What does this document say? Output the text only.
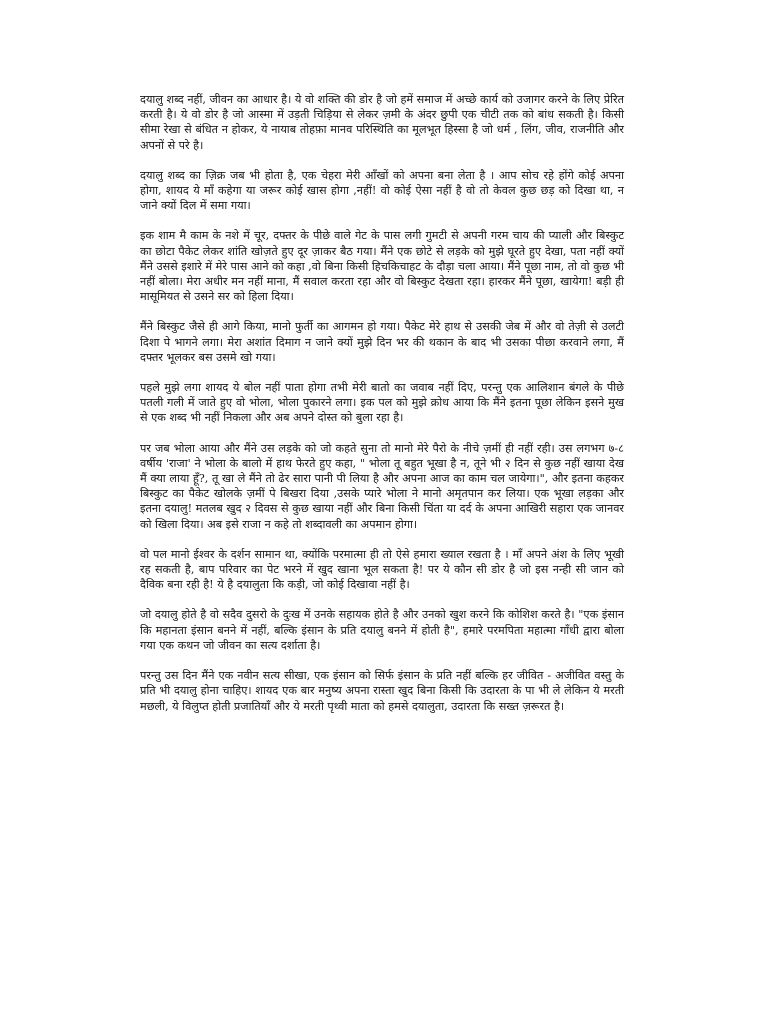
दयालु शब्द नहीं, जीवन का आधार है। ये वो शक्ति की डोर है जो हमें समाज में अच्छे कार्य को उजागर करने के लिए प्रेरित करती है। ये वो डोर है जो आस्मा में उड़ती चिड़िया से लेकर ज़मी के अंदर छुपी एक चीटी तक को बांध सकती है। किसी सीमा रेखा से बंधित न होकर, ये नायाब तोहफ़ा मानव परिस्थिति का मूलभूत हिस्सा है जो धर्म , लिंग, जीव, राजनीति और अपनों से परे है।

दयालु शब्द का ज़िक्र जब भी होता है, एक चेहरा मेरी आँखों को अपना बना लेता है । आप सोच रहे होंगे कोई अपना होगा, शायद ये माँ कहेगा या जरूर कोई खास होगा ,नहीं! वो कोई ऐसा नहीं है वो तो केवल कुछ छड़ को दिखा था, न जाने क्यों दिल में समा गया।

इक शाम मै काम के नशे में चूर, दफ्तर के पीछे वाले गेट के पास लगी गुमटी से अपनी गरम चाय की प्याली और बिस्कुट का छोटा पैकेट लेकर शांति खोज़ते हुए दूर ज़ाकर बैठ गया। मैंने एक छोटे से लड़के को मुझे घूरते हुए देखा, पता नहीं क्यों मैंने उससे इशारे में मेरे पास आने को कहा ,वो बिना किसी हिचकिचाहट के दौड़ा चला आया। मैंने पूछा नाम, तो वो कुछ भी नहीं बोला। मेरा अधीर मन नहीं माना, मैं सवाल करता रहा और वो बिस्कुट देखता रहा। हारकर मैंने पूछा, खायेगा! बड़ी ही मासूमियत से उसने सर को हिला दिया।

मैंने बिस्कुट जैसे ही आगे किया, मानो फुर्ती का आगमन हो गया। पैकेट मेरे हाथ से उसकी जेब में और वो तेज़ी से उलटी दिशा पे भागने लगा। मेरा अशांत दिमाग न जाने क्यों मुझे दिन भर की थकान के बाद भी उसका पीछा करवाने लगा, मैं दफ्तर भूलकर बस उसमे खो गया।

पहले मुझे लगा शायद ये बोल नहीं पाता होगा तभी मेरी बातो का जवाब नहीं दिए, परन्तु एक आलिशान बंगले के पीछे पतली गली में जाते हुए वो भोला, भोला पुकारने लगा। इक पल को मुझे क्रोध आया कि मैंने इतना पूछा लेकिन इसने मुख से एक शब्द भी नहीं निकला और अब अपने दोस्त को बुला रहा है।

पर जब भोला आया और मैंने उस लड़के को जो कहते सुना तो मानो मेरे पैरो के नीचे ज़मीं ही नहीं रही। उस लगभग ७-८ वर्षीय 'राजा' ने भोला के बालो में हाथ फेरते हुए कहा, " भोला तू बहुत भूखा है न, तूने भी २ दिन से कुछ नहीं खाया देख मैं क्या लाया हूँ?, तू खा ले मैंने तो ढेर सारा पानी पी लिया है और अपना आज का काम चल जायेगा।", और इतना कहकर बिस्कुट का पैकेट खोलके ज़मीं पे बिखरा दिया ,उसके प्यारे भोला ने मानो अमृतपान कर लिया। एक भूखा लड़का और इतना दयालु! मतलब खुद २ दिवस से कुछ खाया नहीं और बिना किसी चिंता या दर्द के अपना आखिरी सहारा एक जानवर को खिला दिया। अब इसे राजा न कहे तो शब्दावली का अपमान होगा।

वो पल मानो ईश्वर के दर्शन सामान था, क्योंकि परमात्मा ही तो ऐसे हमारा ख्याल रखता है । माँ अपने अंश के लिए भूखी रह सकती है, बाप परिवार का पेट भरने में खुद खाना भूल सकता है! पर ये कौन सी डोर है जो इस नन्ही सी जान को दैविक बना रही है! ये है दयालुता कि कड़ी, जो कोई दिखावा नहीं है।

जो दयालु होते है वो सदैव दुसरो के दुःख में उनके सहायक होते है और उनको खुश करने कि कोशिश करते है। "एक इंसान कि महानता इंसान बनने में नहीं, बल्कि इंसान के प्रति दयालु बनने में होती है", हमारे परमपिता महात्मा गाँधी द्वारा बोला गया एक कथन जो जीवन का सत्य दर्शाता है।

परन्तु उस दिन मैंने एक नवीन सत्य सीखा, एक इंसान को सिर्फ इंसान के प्रति नहीं बल्कि हर जीवित - अजीवित वस्तु के प्रति भी दयालु होना चाहिए। शायद एक बार मनुष्य अपना रास्ता खुद बिना किसी कि उदारता के पा भी ले लेकिन ये मरती मछली, ये विलुप्त होती प्रजातियाँ और ये मरती पृथ्वी माता को हमसे दयालुता, उदारता कि सख्त ज़रूरत है।
